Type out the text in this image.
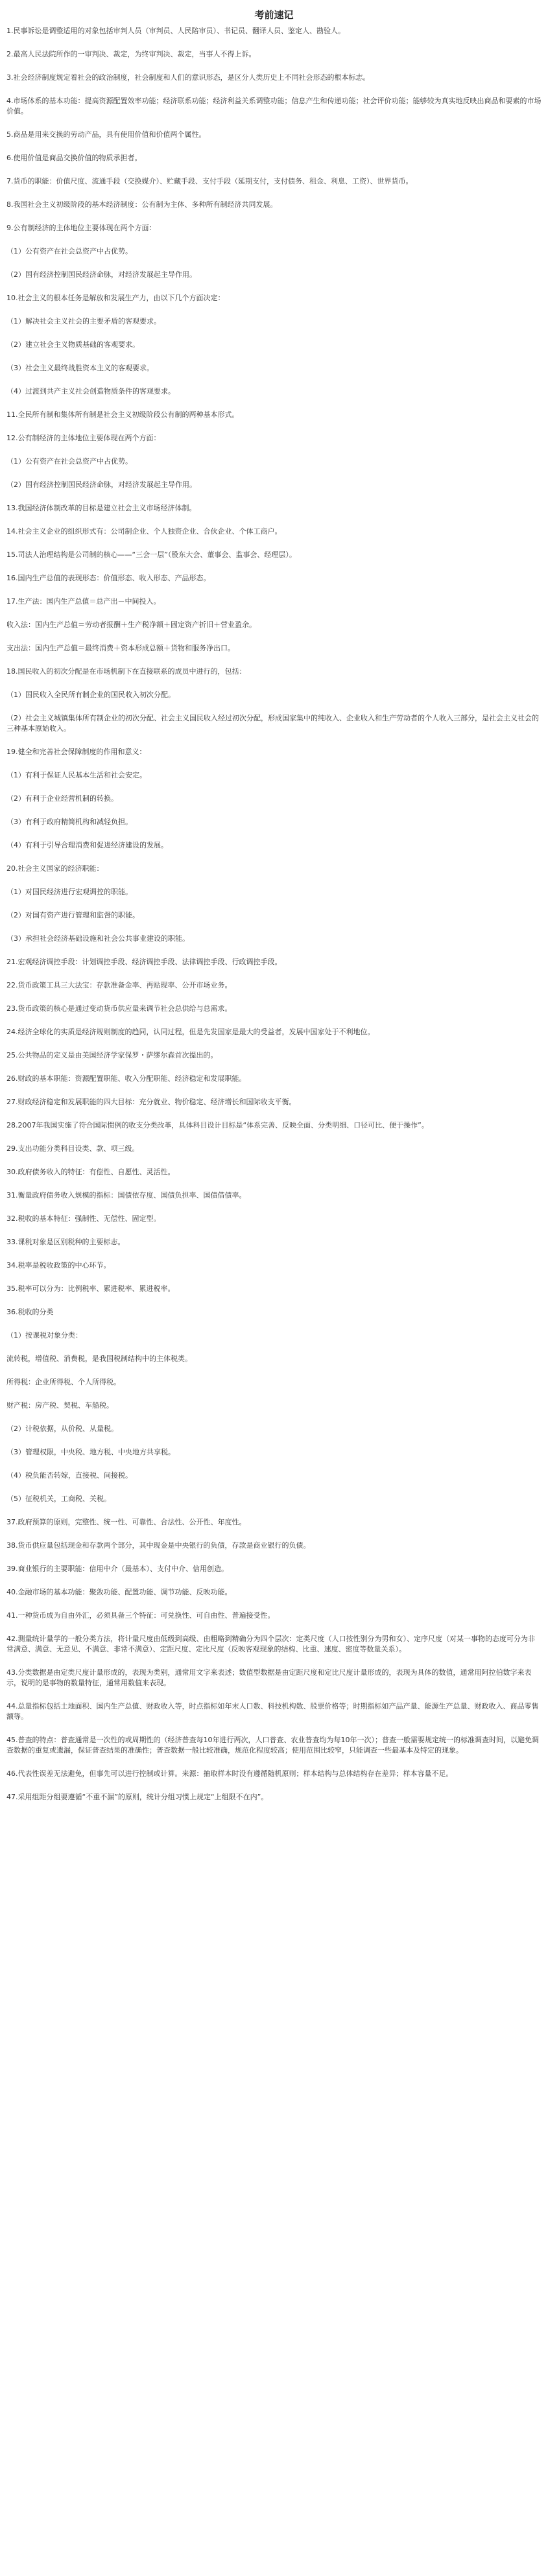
考前速记
1.民事诉讼是调整适用的对象包括审判人员（审判员、人民陪审员）、书记员、翻译人员、鉴定人、勘验人。
2.最高人民法院所作的一审判决、裁定，为终审判决、裁定，当事人不得上诉。
3.社会经济制度规定着社会的政治制度，社会制度和人们的意识形态，是区分人类历史上不同社会形态的根本标志。
4.市场体系的基本功能：提高资源配置效率功能；经济联系功能；经济利益关系调整功能；信息产生和传递功能；社会评价功能；能够较为真实地反映出商品和要素的市场价值。
5.商品是用来交换的劳动产品，具有使用价值和价值两个属性。
6.使用价值是商品交换价值的物质承担者。
7.货币的职能：价值尺度、流通手段（交换媒介）、贮藏手段、支付手段（延期支付，支付债务、租金、利息、工资）、世界货币。
8.我国社会主义初级阶段的基本经济制度：公有制为主体、多种所有制经济共同发展。
9.公有制经济的主体地位主要体现在两个方面：
（1）公有资产在社会总资产中占优势。
（2）国有经济控制国民经济命脉，对经济发展起主导作用。
10.社会主义的根本任务是解放和发展生产力，由以下几个方面决定：
（1）解决社会主义社会的主要矛盾的客观要求。
（2）建立社会主义物质基础的客观要求。
（3）社会主义最终战胜资本主义的客观要求。
（4）过渡到共产主义社会创造物质条件的客观要求。
11.全民所有制和集体所有制是社会主义初级阶段公有制的两种基本形式。
12.公有制经济的主体地位主要体现在两个方面：
（1）公有资产在社会总资产中占优势。
（2）国有经济控制国民经济命脉，对经济发展起主导作用。
13.我国经济体制改革的目标是建立社会主义市场经济体制。
14.社会主义企业的组织形式有：公司制企业、个人独资企业、合伙企业、个体工商户。
15.司法人治理结构是公司制的核心——“三会一层”（股东大会、董事会、监事会、经理层）。
16.国内生产总值的表现形态：价值形态、收入形态、产品形态。
17.生产法：国内生产总值＝总产出－中间投入。
收入法：国内生产总值＝劳动者报酬＋生产税净额＋固定资产折旧＋营业盈余。
支出法：国内生产总值＝最终消费＋资本形成总额＋货物和服务净出口。
18.国民收入的初次分配是在市场机制下在直接联系的成员中进行的，包括：
（1）国民收入全民所有制企业的国民收入初次分配。
（2）社会主义城镇集体所有制企业的初次分配、社会主义国民收入经过初次分配，形成国家集中的纯收入、企业收入和生产劳动者的个人收入三部分，是社会主义社会的三种基本原始收入。
19.健全和完善社会保障制度的作用和意义：
（1）有利于保证人民基本生活和社会安定。
（2）有利于企业经营机制的转换。
（3）有利于政府精简机构和减轻负担。
（4）有利于引导合理消费和促进经济建设的发展。
20.社会主义国家的经济职能：
（1）对国民经济进行宏观调控的职能。
（2）对国有资产进行管理和监督的职能。
（3）承担社会经济基础设施和社会公共事业建设的职能。
21.宏观经济调控手段：计划调控手段、经济调控手段、法律调控手段、行政调控手段。
22.货币政策工具三大法宝：存款准备金率、再贴现率、公开市场业务。
23.货币政策的核心是通过变动货币供应量来调节社会总供给与总需求。
24.经济全球化的实质是经济规则制度的趋同，认同过程，但是先发国家是最大的受益者，发展中国家处于不利地位。
25.公共物品的定义是由美国经济学家保罗・萨缪尔森首次提出的。
26.财政的基本职能：资源配置职能、收入分配职能、经济稳定和发展职能。
27.财政经济稳定和发展职能的四大目标：充分就业、物价稳定、经济增长和国际收支平衡。
28.2007年我国实施了符合国际惯例的收支分类改革，具体科目设计目标是“体系完善、反映全面、分类明细、口径可比、便于操作”。
29.支出功能分类科目设类、款、项三级。
30.政府债务收入的特征：有偿性、自愿性、灵活性。
31.衡量政府债务收入规模的指标：国债依存度、国债负担率、国债借债率。
32.税收的基本特征：强制性、无偿性、固定型。
33.课税对象是区别税种的主要标志。
34.税率是税收政策的中心环节。
35.税率可以分为：比例税率、累进税率、累进税率。
36.税收的分类
（1）按课税对象分类：
流转税，增值税、消费税，是我国税制结构中的主体税类。
所得税：企业所得税、个人所得税。
财产税：房产税、契税、车船税。
（2）计税依据，从价税、从量税。
（3）管理权限，中央税、地方税、中央地方共享税。
（4）税负能否转嫁，直接税、间接税。
（5）征税机关，工商税、关税。
37.政府预算的原则，完整性、统一性、可靠性、合法性、公开性、年度性。
38.货币供应量包括现金和存款两个部分，其中现金是中央银行的负债，存款是商业银行的负债。
39.商业银行的主要职能：信用中介（最基本）、支付中介、信用创造。
40.金融市场的基本功能：聚敛功能、配置功能、调节功能、反映功能。
41.一种货币成为自由外汇，必须具备三个特征：可兑换性、可自由性、普遍接受性。
42.测量统计量学的一般分类方法，将计量尺度由低级到高级、由粗略到精确分为四个层次：定类尺度（人口按性别分为男和女）、定序尺度（对某一事物的态度可分为非常满意、满意、无意见、不满意、非常不满意）、定距尺度、定比尺度（反映客观现象的结构、比重、速度、密度等数量关系）。
43.分类数据是由定类尺度计量形成的，表现为类别，通常用文字来表述；数值型数据是由定距尺度和定比尺度计量形成的，表现为具体的数值，通常用阿拉伯数字来表示，说明的是事物的数量特征，通常用数值来表现。
44.总量指标包括土地面积、国内生产总值、财政收入等，时点指标如年末人口数、科技机构数、股票价格等；时期指标如产品产量、能源生产总量、财政收入、商品零售额等。
45.普查的特点：普查通常是一次性的或周期性的（经济普查每10年进行两次，人口普查、农业普查均为每10年一次）；普查一般需要规定统一的标准调查时间，以避免调查数据的重复或遗漏，保证普查结果的准确性；普查数据一般比较准确，规范化程度较高；使用范围比较窄，只能调查一些最基本及特定的现象。
46.代表性误差无法避免，但事先可以进行控制或计算。来源：抽取样本时没有遵循随机原则；样本结构与总体结构存在差异；样本容量不足。
47.采用组距分组要遵循“不重不漏”的原则，统计分组习惯上规定“上组限不在内”。
